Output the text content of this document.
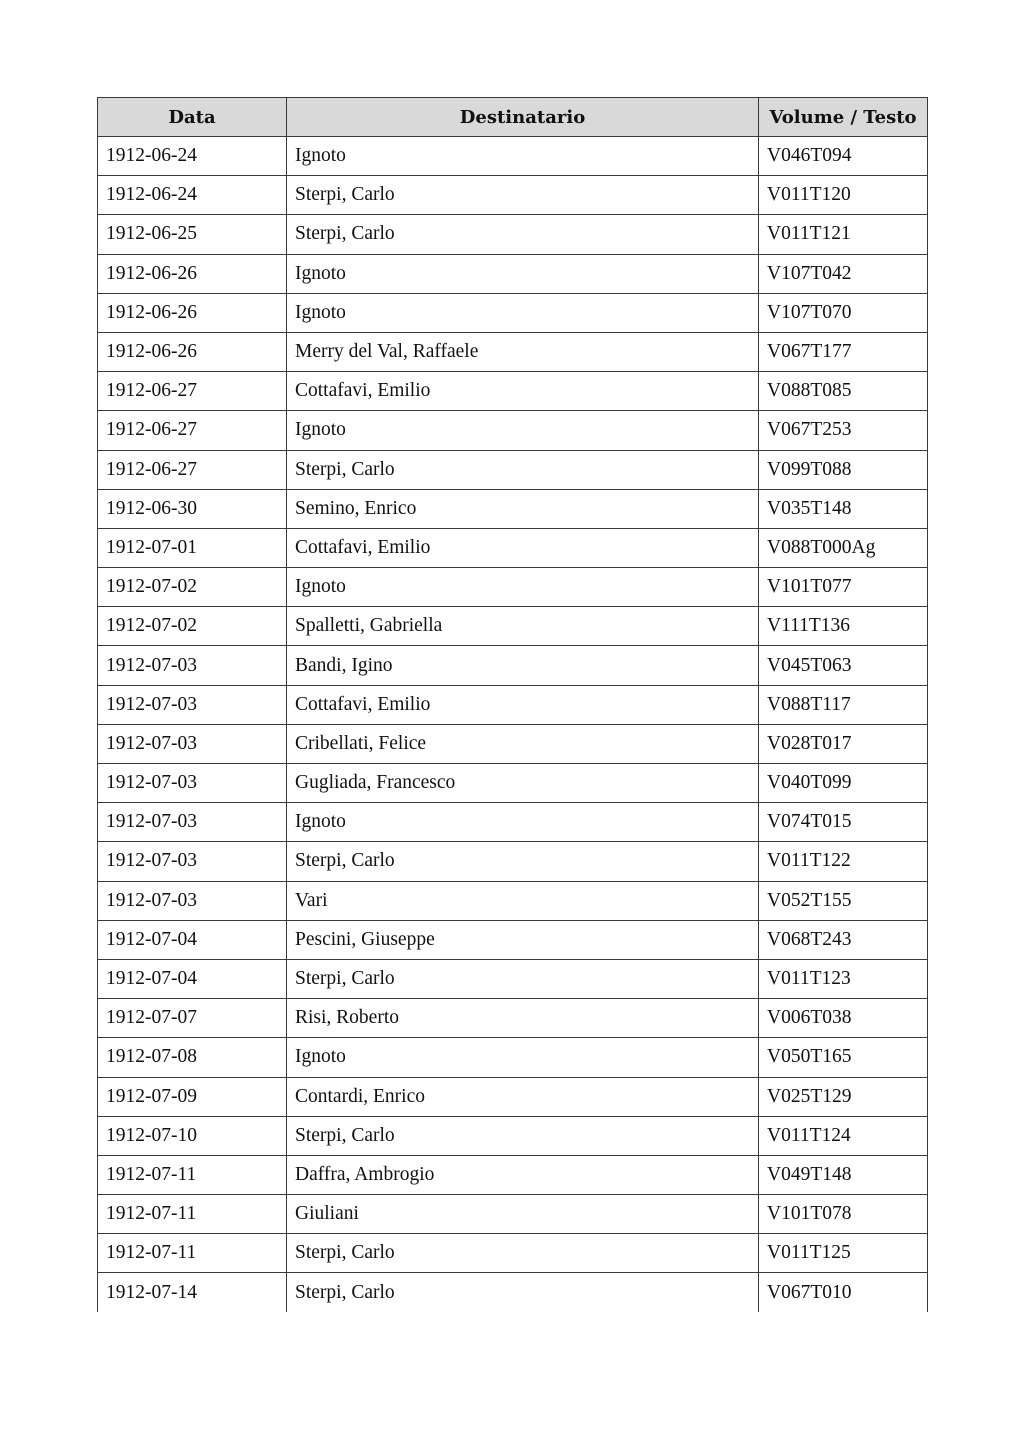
Data	Destinatario	Volume / Testo
1912-06-24	Ignoto	V046T094
1912-06-24	Sterpi, Carlo	V011T120
1912-06-25	Sterpi, Carlo	V011T121
1912-06-26	Ignoto	V107T042
1912-06-26	Ignoto	V107T070
1912-06-26	Merry del Val, Raffaele	V067T177
1912-06-27	Cottafavi, Emilio	V088T085
1912-06-27	Ignoto	V067T253
1912-06-27	Sterpi, Carlo	V099T088
1912-06-30	Semino, Enrico	V035T148
1912-07-01	Cottafavi, Emilio	V088T000Ag
1912-07-02	Ignoto	V101T077
1912-07-02	Spalletti, Gabriella	V111T136
1912-07-03	Bandi, Igino	V045T063
1912-07-03	Cottafavi, Emilio	V088T117
1912-07-03	Cribellati, Felice	V028T017
1912-07-03	Gugliada, Francesco	V040T099
1912-07-03	Ignoto	V074T015
1912-07-03	Sterpi, Carlo	V011T122
1912-07-03	Vari	V052T155
1912-07-04	Pescini, Giuseppe	V068T243
1912-07-04	Sterpi, Carlo	V011T123
1912-07-07	Risi, Roberto	V006T038
1912-07-08	Ignoto	V050T165
1912-07-09	Contardi, Enrico	V025T129
1912-07-10	Sterpi, Carlo	V011T124
1912-07-11	Daffra, Ambrogio	V049T148
1912-07-11	Giuliani	V101T078
1912-07-11	Sterpi, Carlo	V011T125
1912-07-14	Sterpi, Carlo	V067T010
